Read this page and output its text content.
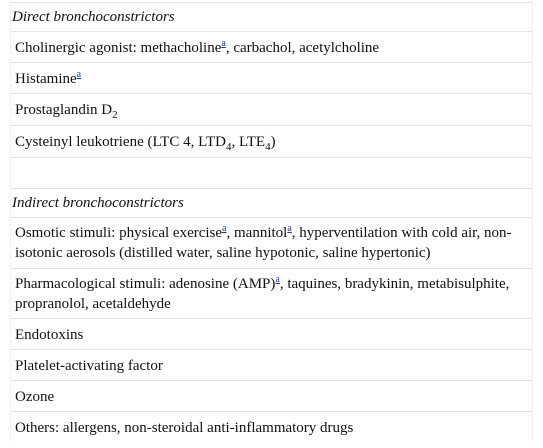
Direct bronchoconstrictors
Cholinergic agonist: methacholine$^a$, carbachol, acetylcholine
Histamine$^a$
Prostaglandin $D_2$
Cysteinyl leukotriene (LTC 4, $LTD_4$, $LTE_4$)
Indirect bronchoconstrictors
Osmotic stimuli: physical exercise$^a$, mannitol$^a$, hyperventilation with cold air, non-isotonic aerosols (distilled water, saline hypotonic, saline hypertonic)
Pharmacological stimuli: adenosine (AMP)$^a$, taquines, bradykinin, metabisulphite, propranolol, acetaldehyde
Endotoxins
Platelet-activating factor
Ozone
Others: allergens, non-steroidal anti-inflammatory drugs
